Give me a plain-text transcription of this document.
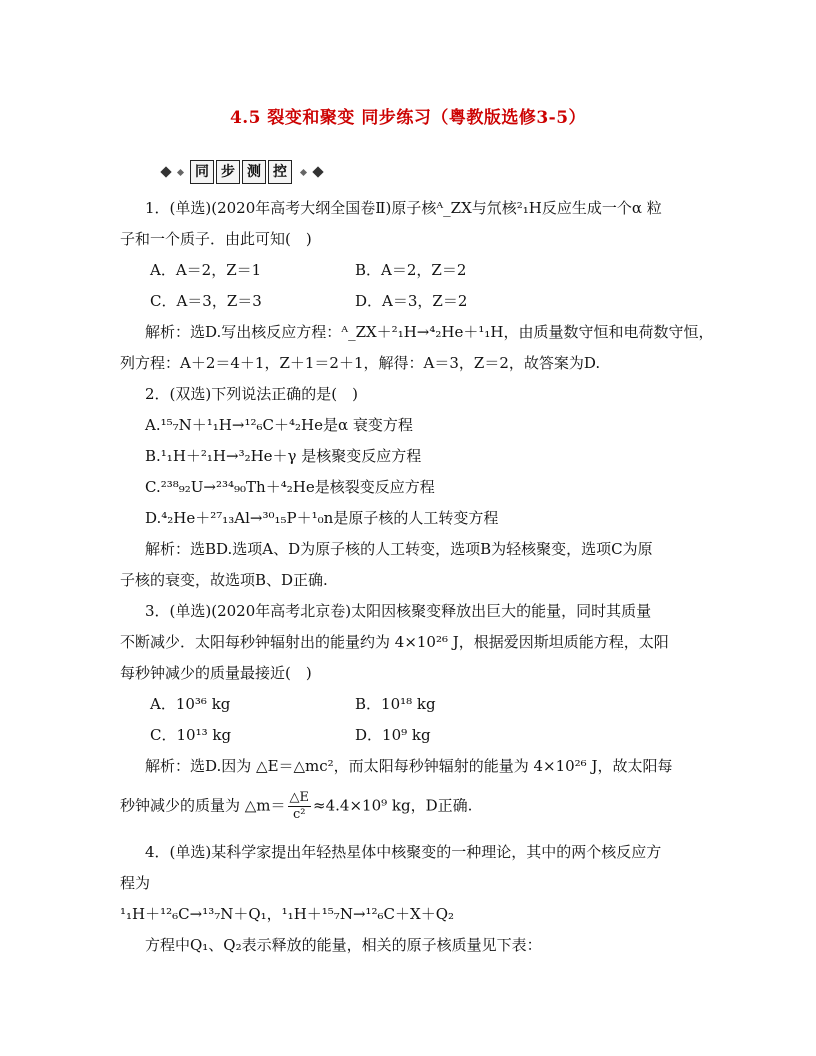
4.5 裂变和聚变 同步练习（粤教版选修3-5）
同 步 测 控
1．(单选)(2020年高考大纲全国卷Ⅱ)原子核ᴬ_ZX与氘核²₁H反应生成一个α 粒
子和一个质子．由此可知(　)
A．A＝2，Z＝1	B．A＝2，Z＝2
C．A＝3，Z＝3	D．A＝3，Z＝2
解析：选D.写出核反应方程：ᴬ_ZX＋²₁H→⁴₂He＋¹₁H，由质量数守恒和电荷数守恒，
列方程：A＋2＝4＋1，Z＋1＝2＋1，解得：A＝3，Z＝2，故答案为D.
2．(双选)下列说法正确的是(　)
A.¹⁵₇N＋¹₁H→¹²₆C＋⁴₂He是α 衰变方程
B.¹₁H＋²₁H→³₂He＋γ 是核聚变反应方程
C.²³⁸₉₂U→²³⁴₉₀Th＋⁴₂He是核裂变反应方程
D.⁴₂He＋²⁷₁₃Al→³⁰₁₅P＋¹₀n是原子核的人工转变方程
解析：选BD.选项A、D为原子核的人工转变，选项B为轻核聚变，选项C为原
子核的衰变，故选项B、D正确.
3．(单选)(2020年高考北京卷)太阳因核聚变释放出巨大的能量，同时其质量
不断减少．太阳每秒钟辐射出的能量约为 4×10²⁶ J，根据爱因斯坦质能方程，太阳
每秒钟减少的质量最接近(　)
A．10³⁶ kg	B．10¹⁸ kg
C．10¹³ kg	D．10⁹ kg
解析：选D.因为 △E＝△mc²，而太阳每秒钟辐射的能量为 4×10²⁶ J，故太阳每
秒钟减少的质量为 △m＝ $\frac{\triangle E}{\text{c²}} \approx 4.4\times 10^9$ kg，D正确.
4．(单选)某科学家提出年轻热星体中核聚变的一种理论，其中的两个核反应方
程为
¹₁H＋¹²₆C→¹³₇N＋Q₁，¹₁H＋¹⁵₇N→¹²₆C＋X＋Q₂
方程中Q₁、Q₂表示释放的能量，相关的原子核质量见下表：
